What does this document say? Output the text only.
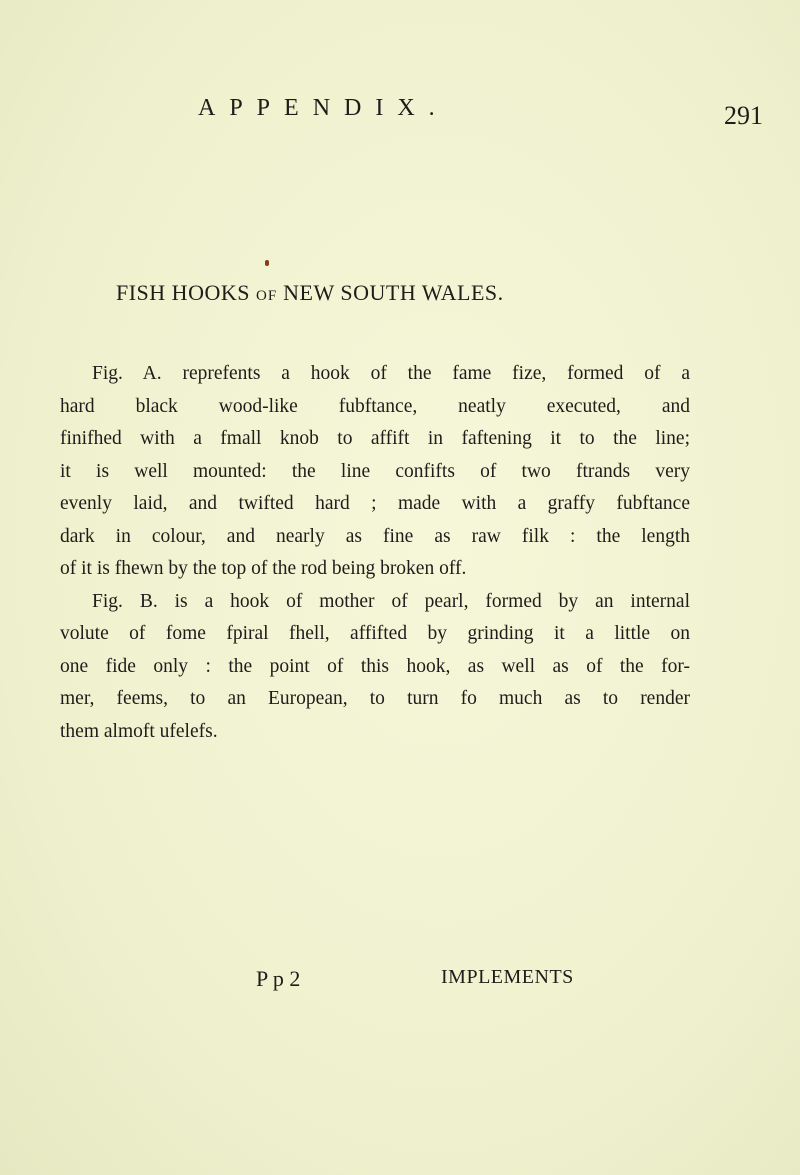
APPENDIX.	291
FISH HOOKS OF NEW SOUTH WALES.
Fig. A. reprefents a hook of the fame fize, formed of a
hard black wood-like fubftance, neatly executed, and
finifhed with a fmall knob to affift in faftening it to the line;
it is well mounted: the line confifts of two ftrands very
evenly laid, and twifted hard ; made with a graffy fubftance
dark in colour, and nearly as fine as raw filk : the length
of it is fhewn by the top of the rod being broken off.
Fig. B. is a hook of mother of pearl, formed by an internal
volute of fome fpiral fhell, affifted by grinding it a little on
one fide only : the point of this hook, as well as of the for-
mer, feems, to an European, to turn fo much as to render
them almoft ufelefs.
P p 2	IMPLEMENTS
